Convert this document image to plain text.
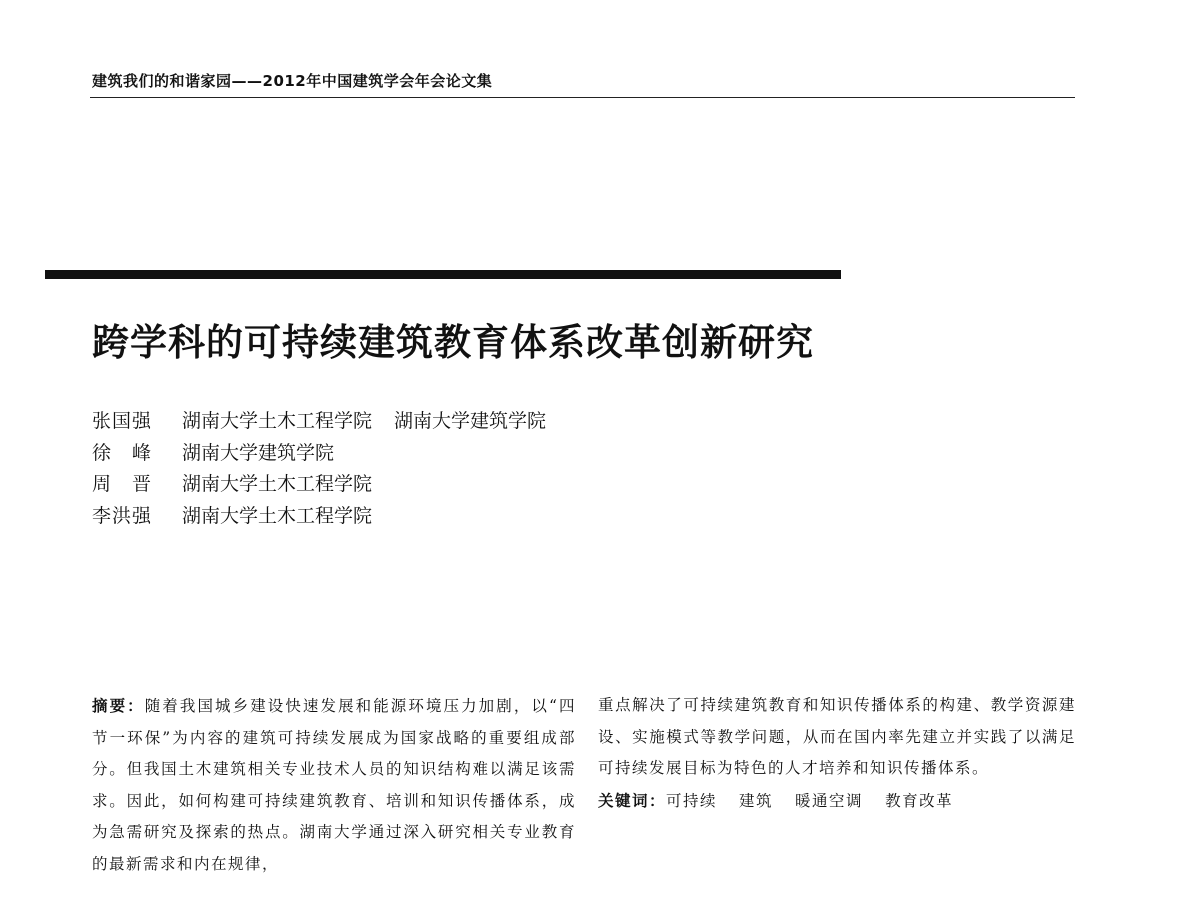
建筑我们的和谐家园——2012年中国建筑学会年会论文集
跨学科的可持续建筑教育体系改革创新研究
张国强	湖南大学土木工程学院 湖南大学建筑学院
徐　峰	湖南大学建筑学院
周　晋	湖南大学土木工程学院
李洪强	湖南大学土木工程学院
摘要：随着我国城乡建设快速发展和能源环境压力加剧，以“四节一环保”为内容的建筑可持续发展成为国家战略的重要组成部分。但我国土木建筑相关专业技术人员的知识结构难以满足该需求。因此，如何构建可持续建筑教育、培训和知识传播体系，成为急需研究及探索的热点。湖南大学通过深入研究相关专业教育的最新需求和内在规律，
重点解决了可持续建筑教育和知识传播体系的构建、教学资源建设、实施模式等教学问题，从而在国内率先建立并实践了以满足可持续发展目标为特色的人才培养和知识传播体系。
关键词：可持续 建筑 暖通空调 教育改革
